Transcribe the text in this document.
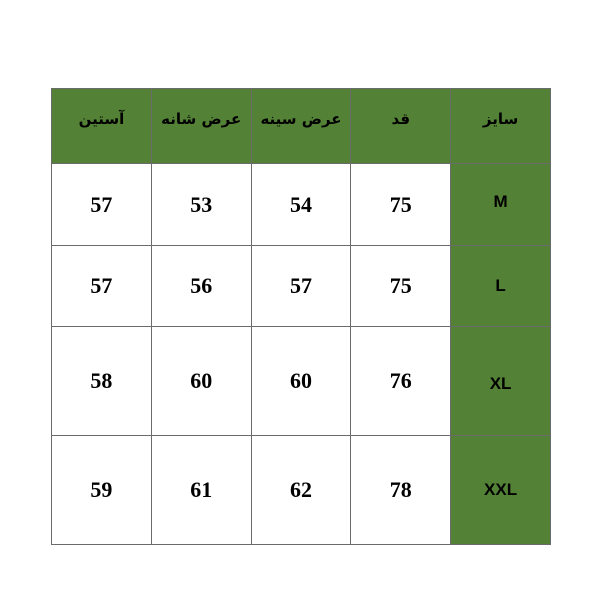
آستین	عرض شانه	عرض سینه	قد	سایز
57	53	54	75	M
57	56	57	75	L
58	60	60	76	XL
59	61	62	78	XXL
